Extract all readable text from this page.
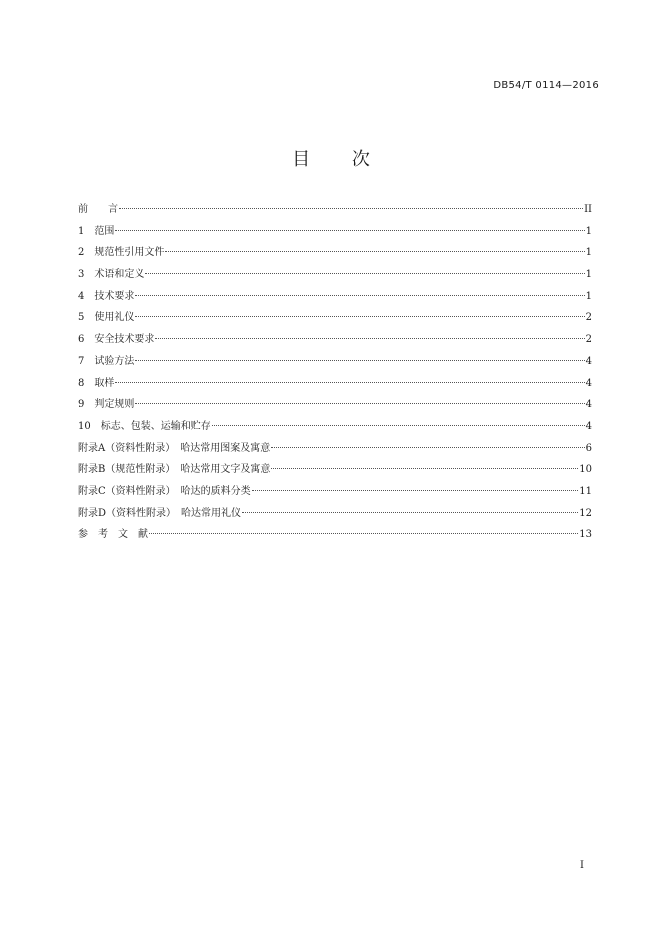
DB54/T 0114—2016
目 次
前　　言	II
1　范围	1
2　规范性引用文件	1
3　术语和定义	1
4　技术要求	1
5　使用礼仪	2
6　安全技术要求	2
7　试验方法	4
8　取样	4
9　判定规则	4
10　标志、包装、运输和贮存	4
附录A（资料性附录）　哈达常用图案及寓意	6
附录B（规范性附录）　哈达常用文字及寓意	10
附录C（资料性附录）　哈达的质料分类	11
附录D（资料性附录）　哈达常用礼仪	12
参　考　文　献	13
I
